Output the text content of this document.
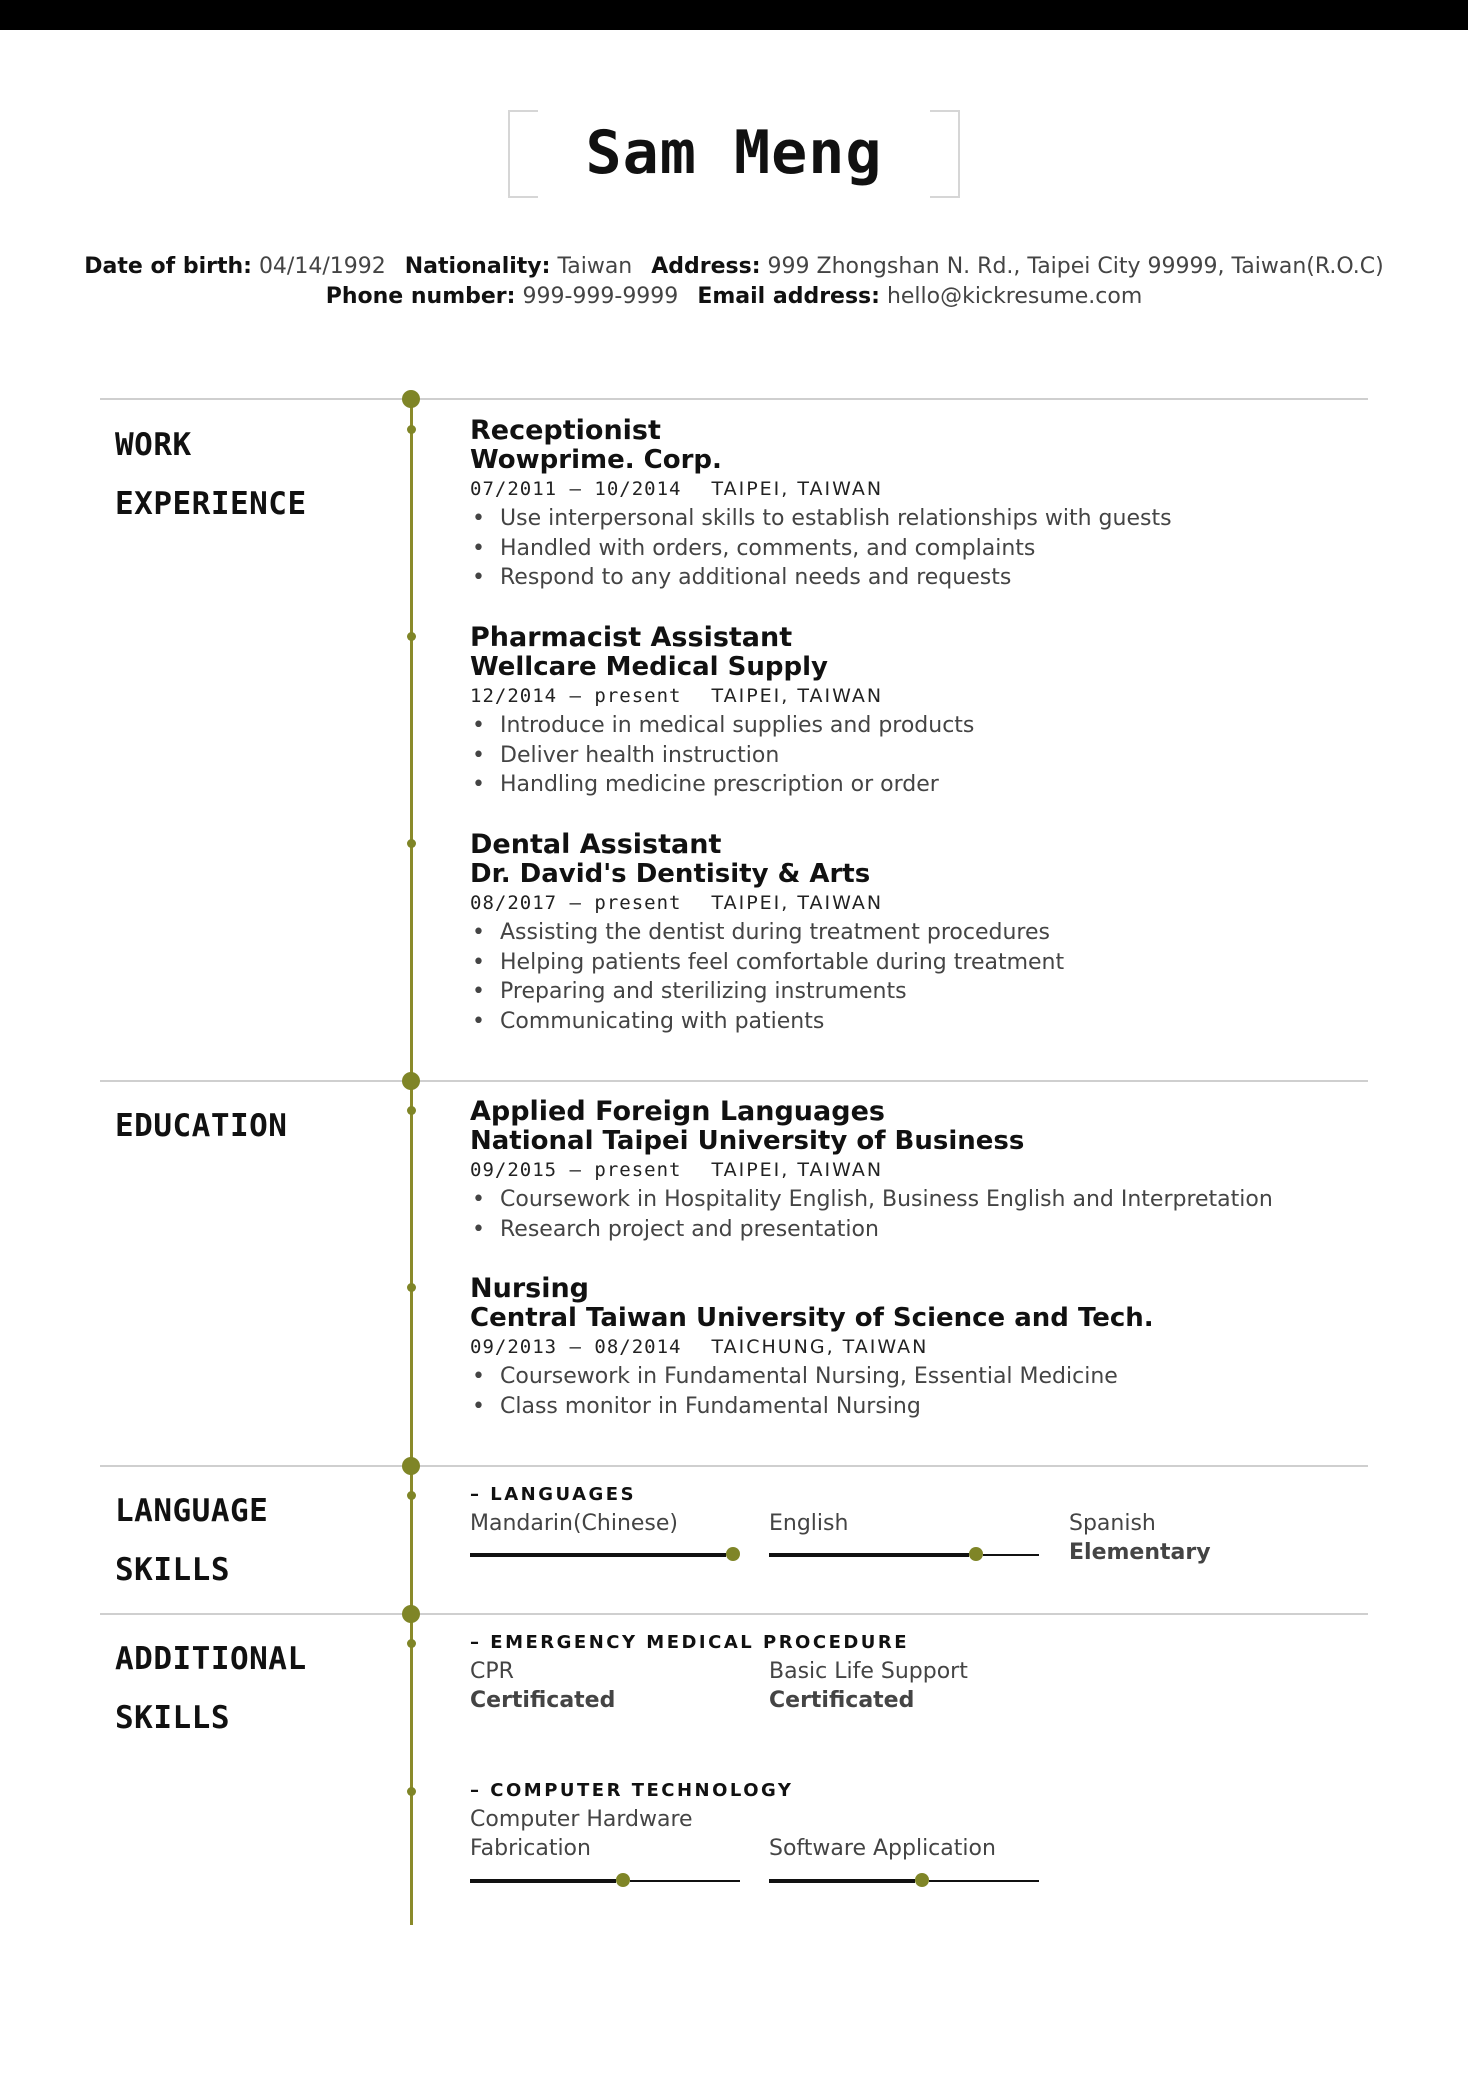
Sam Meng
Date of birth: 04/14/1992 Nationality: Taiwan Address: 999 Zhongshan N. Rd., Taipei City 99999, Taiwan(R.O.C)
Phone number: 999-999-9999 Email address: hello@kickresume.com
WORK
EXPERIENCE
EDUCATION
LANGUAGE
SKILLS
ADDITIONAL
SKILLS
Receptionist
Wowprime. Corp.
07/2011 – 10/2014 TAIPEI, TAIWAN
• Use interpersonal skills to establish relationships with guests
• Handled with orders, comments, and complaints
• Respond to any additional needs and requests
Pharmacist Assistant
Wellcare Medical Supply
12/2014 – present TAIPEI, TAIWAN
• Introduce in medical supplies and products
• Deliver health instruction
• Handling medicine prescription or order
Dental Assistant
Dr. David's Dentisity & Arts
08/2017 – present TAIPEI, TAIWAN
• Assisting the dentist during treatment procedures
• Helping patients feel comfortable during treatment
• Preparing and sterilizing instruments
• Communicating with patients
Applied Foreign Languages
National Taipei University of Business
09/2015 – present TAIPEI, TAIWAN
• Coursework in Hospitality English, Business English and Interpretation
• Research project and presentation
Nursing
Central Taiwan University of Science and Tech.
09/2013 – 08/2014 TAICHUNG, TAIWAN
• Coursework in Fundamental Nursing, Essential Medicine
• Class monitor in Fundamental Nursing
– LANGUAGES
Mandarin(Chinese)	English	Spanish
Elementary
– EMERGENCY MEDICAL PROCEDURE
CPR
Certificated
Basic Life Support
Certificated
– COMPUTER TECHNOLOGY
Computer Hardware
Fabrication	Software Application
